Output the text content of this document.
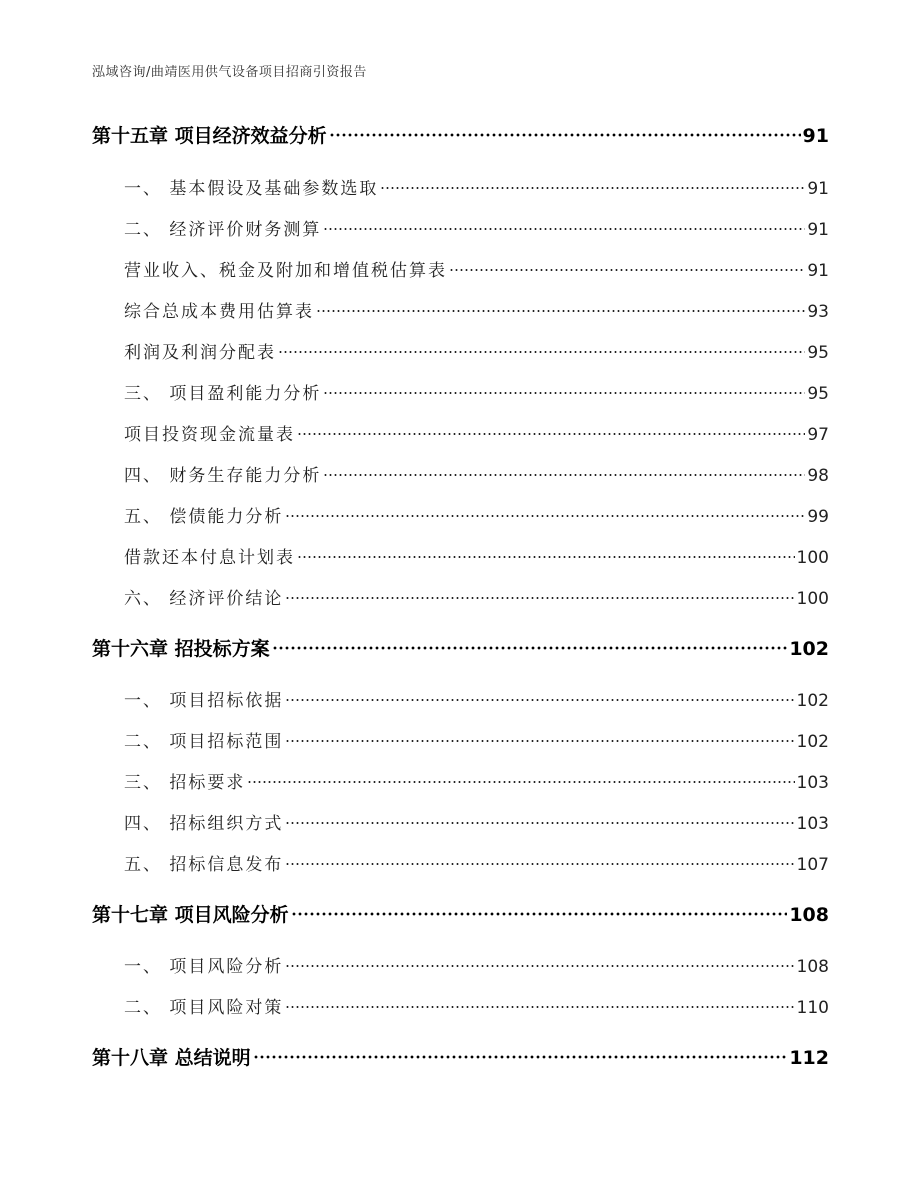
泓域咨询/曲靖医用供气设备项目招商引资报告
第十五章 项目经济效益分析	91
一、 基本假设及基础参数选取	91
二、 经济评价财务测算	91
营业收入、税金及附加和增值税估算表	91
综合总成本费用估算表	93
利润及利润分配表	95
三、 项目盈利能力分析	95
项目投资现金流量表	97
四、 财务生存能力分析	98
五、 偿债能力分析	99
借款还本付息计划表	100
六、 经济评价结论	100
第十六章 招投标方案	102
一、 项目招标依据	102
二、 项目招标范围	102
三、 招标要求	103
四、 招标组织方式	103
五、 招标信息发布	107
第十七章 项目风险分析	108
一、 项目风险分析	108
二、 项目风险对策	110
第十八章 总结说明	112
